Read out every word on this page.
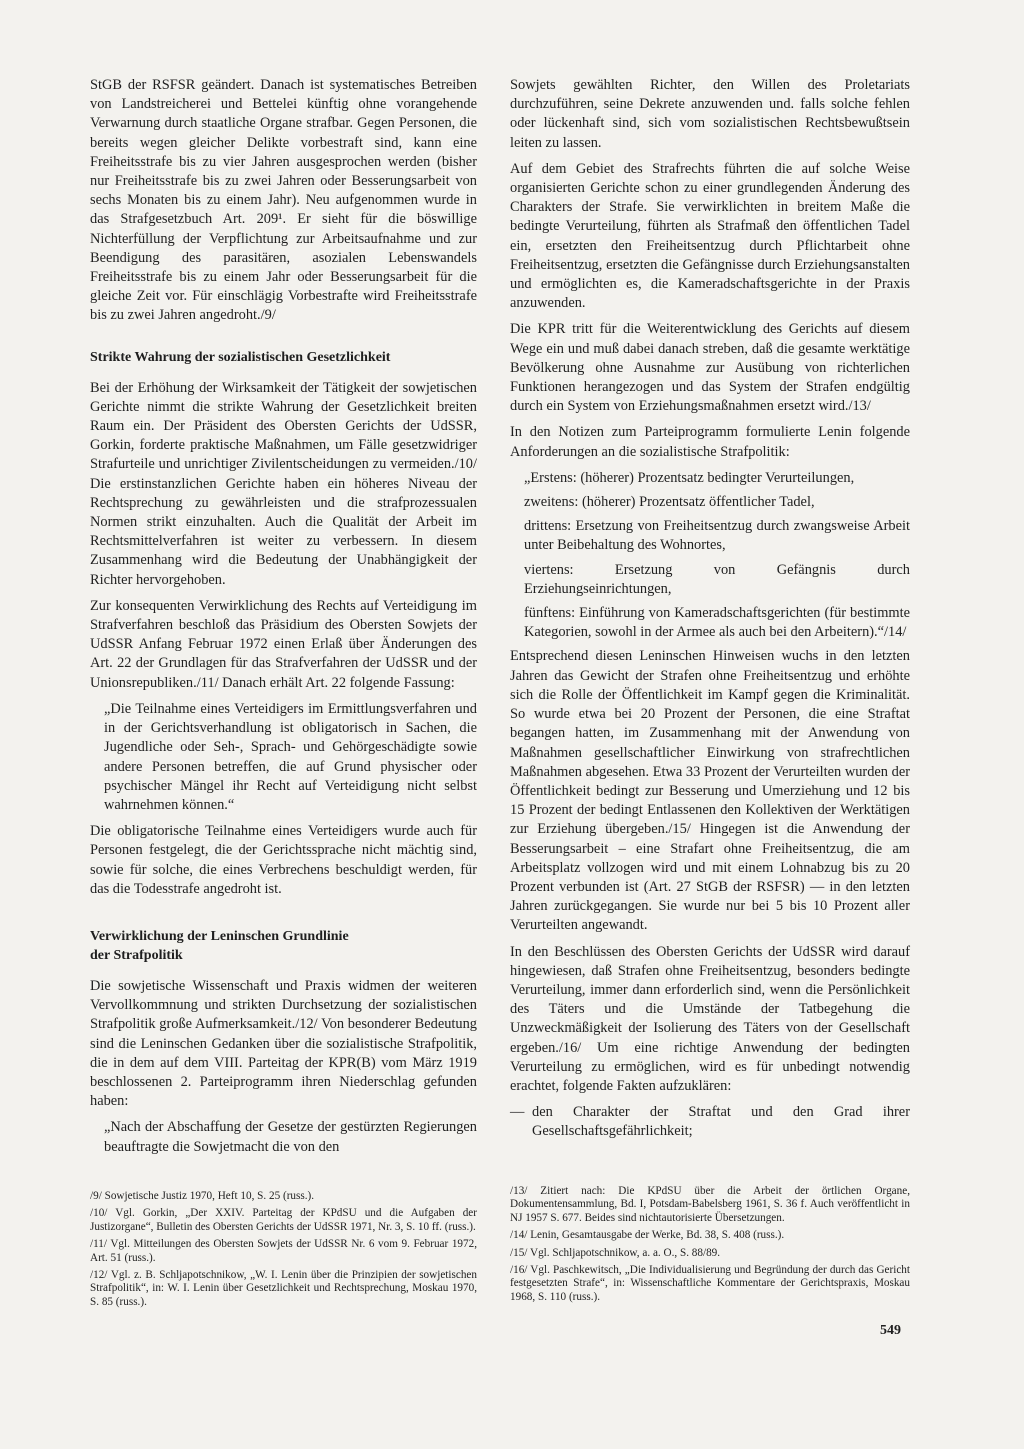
StGB der RSFSR geändert. Danach ist systematisches Betreiben von Landstreicherei und Bettelei künftig ohne vorangehende Verwarnung durch staatliche Organe strafbar. Gegen Personen, die bereits wegen gleicher Delikte vorbestraft sind, kann eine Freiheitsstrafe bis zu vier Jahren ausgesprochen werden (bisher nur Freiheitsstrafe bis zu zwei Jahren oder Besserungsarbeit von sechs Monaten bis zu einem Jahr). Neu aufgenommen wurde in das Strafgesetzbuch Art. 209¹. Er sieht für die böswillige Nichterfüllung der Verpflichtung zur Arbeitsaufnahme und zur Beendigung des parasitären, asozialen Lebenswandels Freiheitsstrafe bis zu einem Jahr oder Besserungsarbeit für die gleiche Zeit vor. Für einschlägig Vorbestrafte wird Freiheitsstrafe bis zu zwei Jahren angedroht./9/

Strikte Wahrung der sozialistischen Gesetzlichkeit

Bei der Erhöhung der Wirksamkeit der Tätigkeit der sowjetischen Gerichte nimmt die strikte Wahrung der Gesetzlichkeit breiten Raum ein. Der Präsident des Obersten Gerichts der UdSSR, Gorkin, forderte praktische Maßnahmen, um Fälle gesetzwidriger Strafurteile und unrichtiger Zivilentscheidungen zu vermeiden./10/ Die erstinstanzlichen Gerichte haben ein höheres Niveau der Rechtsprechung zu gewährleisten und die strafprozessualen Normen strikt einzuhalten. Auch die Qualität der Arbeit im Rechtsmittelverfahren ist weiter zu verbessern. In diesem Zusammenhang wird die Bedeutung der Unabhängigkeit der Richter hervorgehoben.

Zur konsequenten Verwirklichung des Rechts auf Verteidigung im Strafverfahren beschloß das Präsidium des Obersten Sowjets der UdSSR Anfang Februar 1972 einen Erlaß über Änderungen des Art. 22 der Grundlagen für das Strafverfahren der UdSSR und der Unionsrepubliken./11/ Danach erhält Art. 22 folgende Fassung:

„Die Teilnahme eines Verteidigers im Ermittlungsverfahren und in der Gerichtsverhandlung ist obligatorisch in Sachen, die Jugendliche oder Seh-, Sprach- und Gehörgeschädigte sowie andere Personen betreffen, die auf Grund physischer oder psychischer Mängel ihr Recht auf Verteidigung nicht selbst wahrnehmen können.“

Die obligatorische Teilnahme eines Verteidigers wurde auch für Personen festgelegt, die der Gerichtssprache nicht mächtig sind, sowie für solche, die eines Verbrechens beschuldigt werden, für das die Todesstrafe angedroht ist.

Verwirklichung der Leninschen Grundlinie
der Strafpolitik

Die sowjetische Wissenschaft und Praxis widmen der weiteren Vervollkommnung und strikten Durchsetzung der sozialistischen Strafpolitik große Aufmerksamkeit./12/ Von besonderer Bedeutung sind die Leninschen Gedanken über die sozialistische Strafpolitik, die in dem auf dem VIII. Parteitag der KPR(B) vom März 1919 beschlossenen 2. Parteiprogramm ihren Niederschlag gefunden haben:

„Nach der Abschaffung der Gesetze der gestürzten Regierungen beauftragte die Sowjetmacht die von den

Sowjets gewählten Richter, den Willen des Proletariats durchzuführen, seine Dekrete anzuwenden und. falls solche fehlen oder lückenhaft sind, sich vom sozialistischen Rechtsbewußtsein leiten zu lassen.

Auf dem Gebiet des Strafrechts führten die auf solche Weise organisierten Gerichte schon zu einer grundlegenden Änderung des Charakters der Strafe. Sie verwirklichten in breitem Maße die bedingte Verurteilung, führten als Strafmaß den öffentlichen Tadel ein, ersetzten den Freiheitsentzug durch Pflichtarbeit ohne Freiheitsentzug, ersetzten die Gefängnisse durch Erziehungsanstalten und ermöglichten es, die Kameradschaftsgerichte in der Praxis anzuwenden.

Die KPR tritt für die Weiterentwicklung des Gerichts auf diesem Wege ein und muß dabei danach streben, daß die gesamte werktätige Bevölkerung ohne Ausnahme zur Ausübung von richterlichen Funktionen herangezogen und das System der Strafen endgültig durch ein System von Erziehungsmaßnahmen ersetzt wird./13/

In den Notizen zum Parteiprogramm formulierte Lenin folgende Anforderungen an die sozialistische Strafpolitik:

„Erstens: (höherer) Prozentsatz bedingter Verurteilungen,

zweitens: (höherer) Prozentsatz öffentlicher Tadel,

drittens: Ersetzung von Freiheitsentzug durch zwangsweise Arbeit unter Beibehaltung des Wohnortes,

viertens: Ersetzung von Gefängnis durch Erziehungseinrichtungen,

fünftens: Einführung von Kameradschaftsgerichten (für bestimmte Kategorien, sowohl in der Armee als auch bei den Arbeitern).“/14/

Entsprechend diesen Leninschen Hinweisen wuchs in den letzten Jahren das Gewicht der Strafen ohne Freiheitsentzug und erhöhte sich die Rolle der Öffentlichkeit im Kampf gegen die Kriminalität. So wurde etwa bei 20 Prozent der Personen, die eine Straftat begangen hatten, im Zusammenhang mit der Anwendung von Maßnahmen gesellschaftlicher Einwirkung von strafrechtlichen Maßnahmen abgesehen. Etwa 33 Prozent der Verurteilten wurden der Öffentlichkeit bedingt zur Besserung und Umerziehung und 12 bis 15 Prozent der bedingt Entlassenen den Kollektiven der Werktätigen zur Erziehung übergeben./15/ Hingegen ist die Anwendung der Besserungsarbeit – eine Strafart ohne Freiheitsentzug, die am Arbeitsplatz vollzogen wird und mit einem Lohnabzug bis zu 20 Prozent verbunden ist (Art. 27 StGB der RSFSR) — in den letzten Jahren zurückgegangen. Sie wurde nur bei 5 bis 10 Prozent aller Verurteilten angewandt.

In den Beschlüssen des Obersten Gerichts der UdSSR wird darauf hingewiesen, daß Strafen ohne Freiheitsentzug, besonders bedingte Verurteilung, immer dann erforderlich sind, wenn die Persönlichkeit des Täters und die Umstände der Tatbegehung die Unzweckmäßigkeit der Isolierung des Täters von der Gesellschaft ergeben./16/ Um eine richtige Anwendung der bedingten Verurteilung zu ermöglichen, wird es für unbedingt notwendig erachtet, folgende Fakten aufzuklären:

— den Charakter der Straftat und den Grad ihrer Gesellschaftsgefährlichkeit;

/9/ Sowjetische Justiz 1970, Heft 10, S. 25 (russ.).

/10/ Vgl. Gorkin, „Der XXIV. Parteitag der KPdSU und die Aufgaben der Justizorgane“, Bulletin des Obersten Gerichts der UdSSR 1971, Nr. 3, S. 10 ff. (russ.).

/11/ Vgl. Mitteilungen des Obersten Sowjets der UdSSR Nr. 6 vom 9. Februar 1972, Art. 51 (russ.).

/12/ Vgl. z. B. Schljapotschnikow, „W. I. Lenin über die Prinzipien der sowjetischen Strafpolitik“, in: W. I. Lenin über Gesetzlichkeit und Rechtsprechung, Moskau 1970, S. 85 (russ.).

/13/ Zitiert nach: Die KPdSU über die Arbeit der örtlichen Organe, Dokumentensammlung, Bd. I, Potsdam-Babelsberg 1961, S. 36 f. Auch veröffentlicht in NJ 1957 S. 677. Beides sind nichtautorisierte Übersetzungen.

/14/ Lenin, Gesamtausgabe der Werke, Bd. 38, S. 408 (russ.).

/15/ Vgl. Schljapotschnikow, a. a. O., S. 88/89.

/16/ Vgl. Paschkewitsch, „Die Individualisierung und Begründung der durch das Gericht festgesetzten Strafe“, in: Wissenschaftliche Kommentare der Gerichtspraxis, Moskau 1968, S. 110 (russ.).

549
